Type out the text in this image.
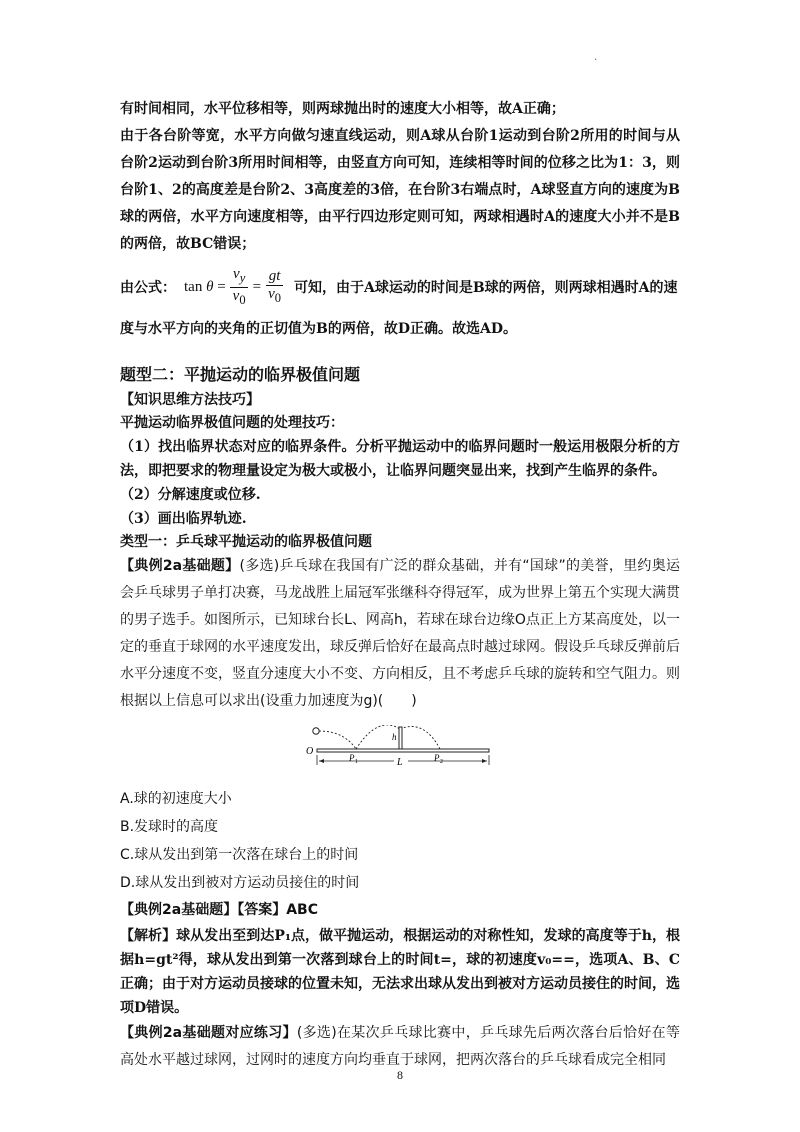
·

有时间相同，水平位移相等，则两球抛出时的速度大小相等，故A正确；

由于各台阶等宽，水平方向做匀速直线运动，则A球从台阶1运动到台阶2所用的时间与从台阶2运动到台阶3所用时间相等，由竖直方向可知，连续相等时间的位移之比为1：3，则台阶1、2的高度差是台阶2、3高度差的3倍，在台阶3右端点时，A球竖直方向的速度为B球的两倍，水平方向速度相等，由平行四边形定则可知，两球相遇时A的速度大小并不是B的两倍，故BC错误；

由公式： tan
θ
= $\frac{v_y}{v_0} = \frac{gt}{v_0}$ 可知，由于A球运动的时间是B球的两倍，则两球相遇时A的速

度与水平方向的夹角的正切值为B的两倍，故D正确。故选AD。

题型二：平抛运动的临界极值问题
【知识思维方法技巧】

平抛运动临界极值问题的处理技巧：

（1）找出临界状态对应的临界条件。分析平抛运动中的临界问题时一般运用极限分析的方法，即把要求的物理量设定为极大或极小，让临界问题突显出来，找到产生临界的条件。

（2）分解速度或位移.

（3）画出临界轨迹.

类型一：乒乓球平抛运动的临界极值问题

【典例2a基础题】(多选)乒乓球在我国有广泛的群众基础，并有“国球”的美誉，里约奥运会乒乓球男子单打决赛，马龙战胜上届冠军张继科夺得冠军，成为世界上第五个实现大满贯的男子选手。如图所示，已知球台长L、网高h，若球在球台边缘O点正上方某高度处，以一定的垂直于球网的水平速度发出，球反弹后恰好在最高点时越过球网。假设乒乓球反弹前后水平分速度不变，竖直分速度大小不变、方向相反，且不考虑乒乓球的旋转和空气阻力。则根据以上信息可以求出(设重力加速度为g)(　　)

O
h
P 1	P 2
L
A.球的初速度大小
B.发球时的高度
C.球从发出到第一次落在球台上的时间
D.球从发出到被对方运动员接住的时间

【典例2a基础题】【答案】ABC

【解析】球从发出至到达P₁点，做平抛运动，根据运动的对称性知，发球的高度等于h，根据h=gt²得，球从发出到第一次落到球台上的时间t=，球的初速度v₀==，选项A、B、C正确；由于对方运动员接球的位置未知，无法求出球从发出到被对方运动员接住的时间，选项D错误。

【典例2a基础题对应练习】(多选)在某次乒乓球比赛中，乒乓球先后两次落台后恰好在等高处水平越过球网，过网时的速度方向均垂直于球网，把两次落台的乒乓球看成完全相同

8
